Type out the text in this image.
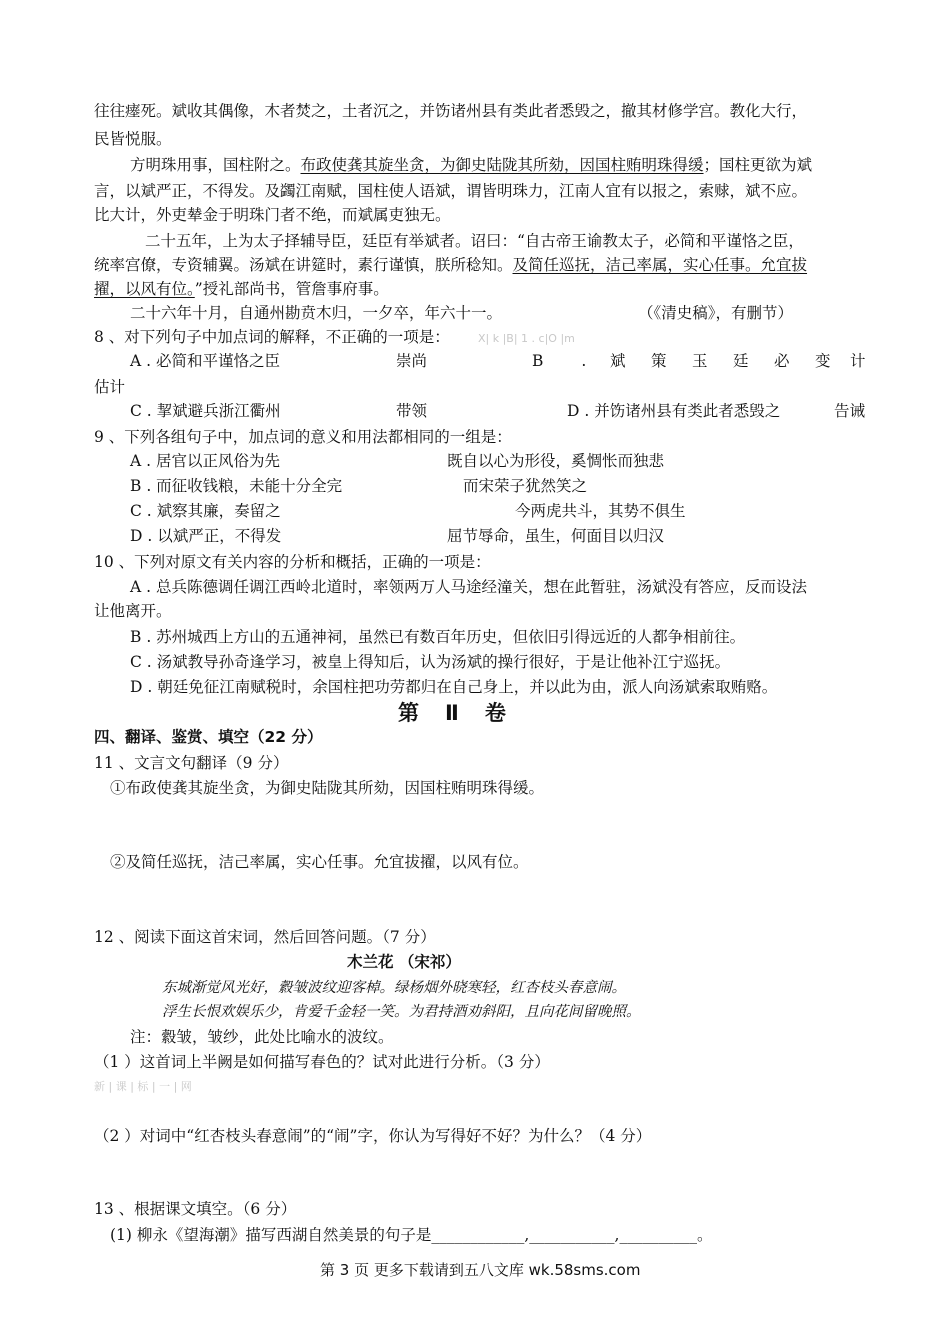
往往瘗死。斌收其偶像，木者焚之，土者沉之，并饬诸州县有类此者悉毁之，撤其材修学宫。教化大行，
民皆悦服。
方明珠用事，国柱附之。布政使龚其旋坐贪，为御史陆陇其所劾，因国柱贿明珠得缓；国柱更欲为斌
言，以斌严正，不得发。及蠲江南赋，国柱使人语斌，谓皆明珠力，江南人宜有以报之，索赇，斌不应。
比大计，外吏辇金于明珠门者不绝，而斌属吏独无。
二十五年，上为太子择辅导臣，廷臣有举斌者。诏曰：“自古帝王谕教太子，必简和平谨恪之臣，
统率宫僚，专资辅翼。汤斌在讲筵时，素行谨慎，朕所稔知。及简任巡抚，洁己率属，实心任事。允宜拔
擢，以风有位。”授礼部尚书，管詹事府事。
二十六年十月，自通州勘贲木归，一夕卒，年六十一。	（《清史稿》，有删节）
8 、对下列句子中加点词的解释，不正确的一项是：	X| k |B| 1 . c|O |m
A . 必简和平谨恪之臣	崇尚	B . 斌 策 玉 廷 必 变 计
估计
C . 挈斌避兵浙江衢州	带领	D . 并饬诸州县有类此者悉毁之	告诫
9 、下列各组句子中，加点词的意义和用法都相同的一组是：
A . 居官以正风俗为先	既自以心为形役，奚惆怅而独悲
B . 而征收钱粮，未能十分全完	而宋荣子犹然笑之
C . 斌察其廉，奏留之	今两虎共斗，其势不俱生
D . 以斌严正，不得发	屈节辱命，虽生，何面目以归汉
10 、下列对原文有关内容的分析和概括，正确的一项是：
A . 总兵陈德调任调江西岭北道时，率领两万人马途经潼关，想在此暂驻，汤斌没有答应，反而设法
让他离开。
B . 苏州城西上方山的五通神祠，虽然已有数百年历史，但依旧引得远近的人都争相前往。
C . 汤斌教导孙奇逢学习，被皇上得知后，认为汤斌的操行很好，于是让他补江宁巡抚。
D . 朝廷免征江南赋税时，余国柱把功劳都归在自己身上，并以此为由，派人向汤斌索取贿赂。
第Ⅱ卷
四、翻译、鉴赏、填空（22 分）
11 、文言文句翻译（9 分）
①布政使龚其旋坐贪，为御史陆陇其所劾，因国柱贿明珠得缓。
②及简任巡抚，洁己率属，实心任事。允宜拔擢，以风有位。
12 、阅读下面这首宋词，然后回答问题。（7 分）
木兰花 （宋祁）
东城渐觉风光好，縠皱波纹迎客棹。绿杨烟外晓寒轻，红杏枝头春意闹。
浮生长恨欢娱乐少，肯爱千金轻一笑。为君持酒劝斜阳，且向花间留晚照。
注：縠皱，皱纱，此处比喻水的波纹。
（1 ）这首词上半阙是如何描写春色的？试对此进行分析。（3 分）
新 | 课 | 标 | 一 | 网
（2 ）对词中“红杏枝头春意闹”的“闹”字，你认为写得好不好？为什么？（4 分）
13 、根据课文填空。（6 分）
(1) 柳永《望海潮》描写西湖自然美景的句子是____________,___________,__________。
第 3 页 更多下载请到五八文库 wk.58sms.com
